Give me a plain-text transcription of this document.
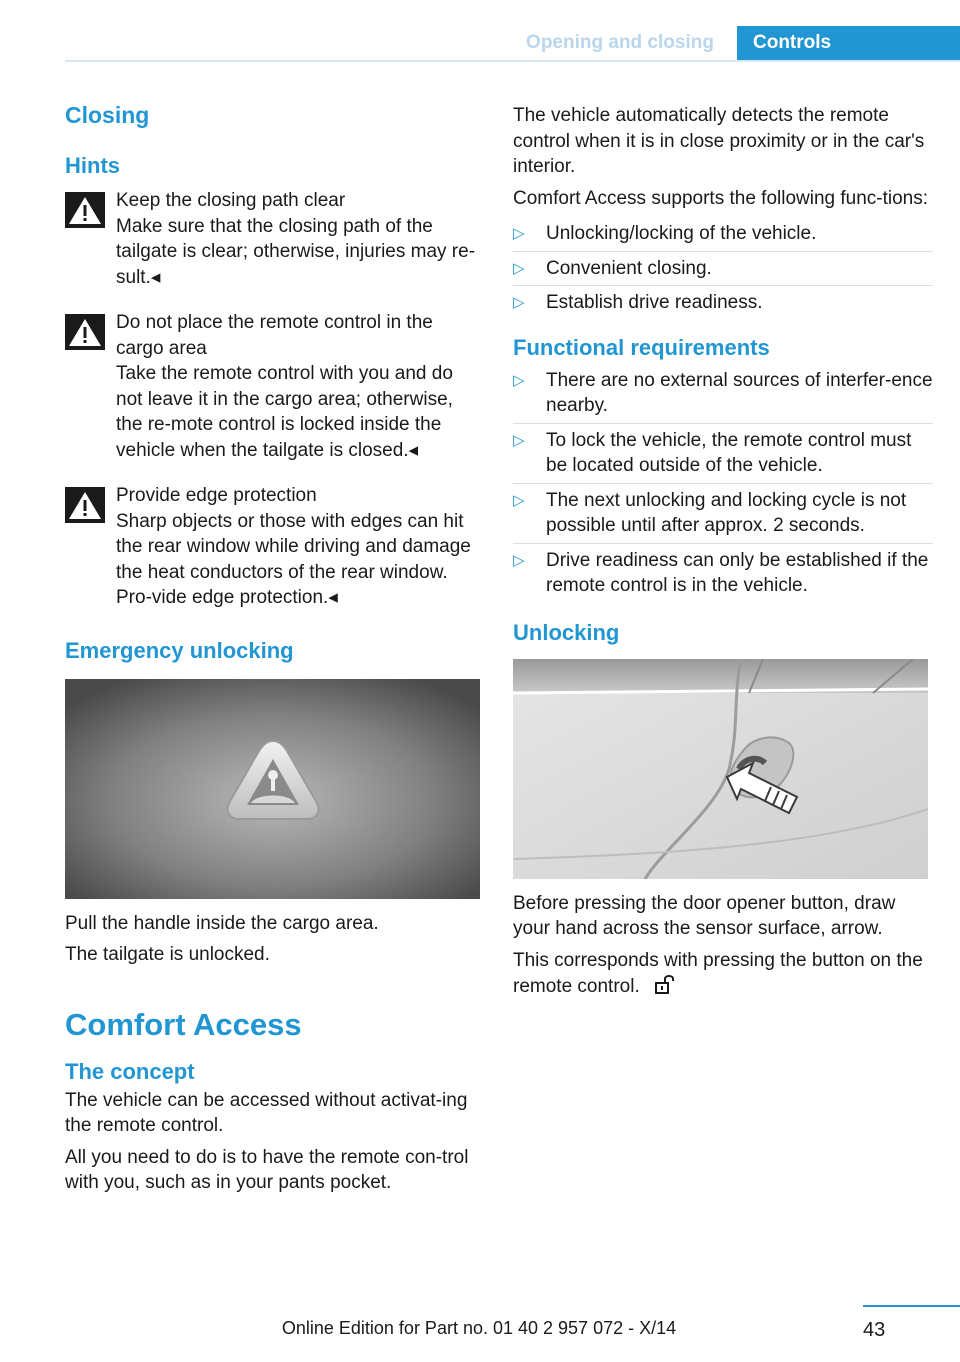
Opening and closing	Controls
Closing
Hints
Keep the closing path clear
Make sure that the closing path of the tailgate is clear; otherwise, injuries may re-sult.◂
Do not place the remote control in the cargo area
Take the remote control with you and do not leave it in the cargo area; otherwise, the re-mote control is locked inside the vehicle when the tailgate is closed.◂
Provide edge protection
Sharp objects or those with edges can hit the rear window while driving and damage the heat conductors of the rear window. Pro-vide edge protection.◂
Emergency unlocking

Pull the handle inside the cargo area.

The tailgate is unlocked.

Comfort Access
The concept

The vehicle can be accessed without activat-ing the remote control.

All you need to do is to have the remote con-trol with you, such as in your pants pocket.

The vehicle automatically detects the remote control when it is in close proximity or in the car's interior.

Comfort Access supports the following func-tions:

▷ Unlocking/locking of the vehicle.
▷ Convenient closing.
▷ Establish drive readiness.
Functional requirements
▷ There are no external sources of interfer-ence nearby.
▷ To lock the vehicle, the remote control must be located outside of the vehicle.
▷ The next unlocking and locking cycle is not possible until after approx. 2 seconds.
▷ Drive readiness can only be established if the remote control is in the vehicle.
Unlocking

Before pressing the door opener button, draw your hand across the sensor surface, arrow.

This corresponds with pressing the button on the remote control.

43
Online Edition for Part no. 01 40 2 957 072 - X/14
